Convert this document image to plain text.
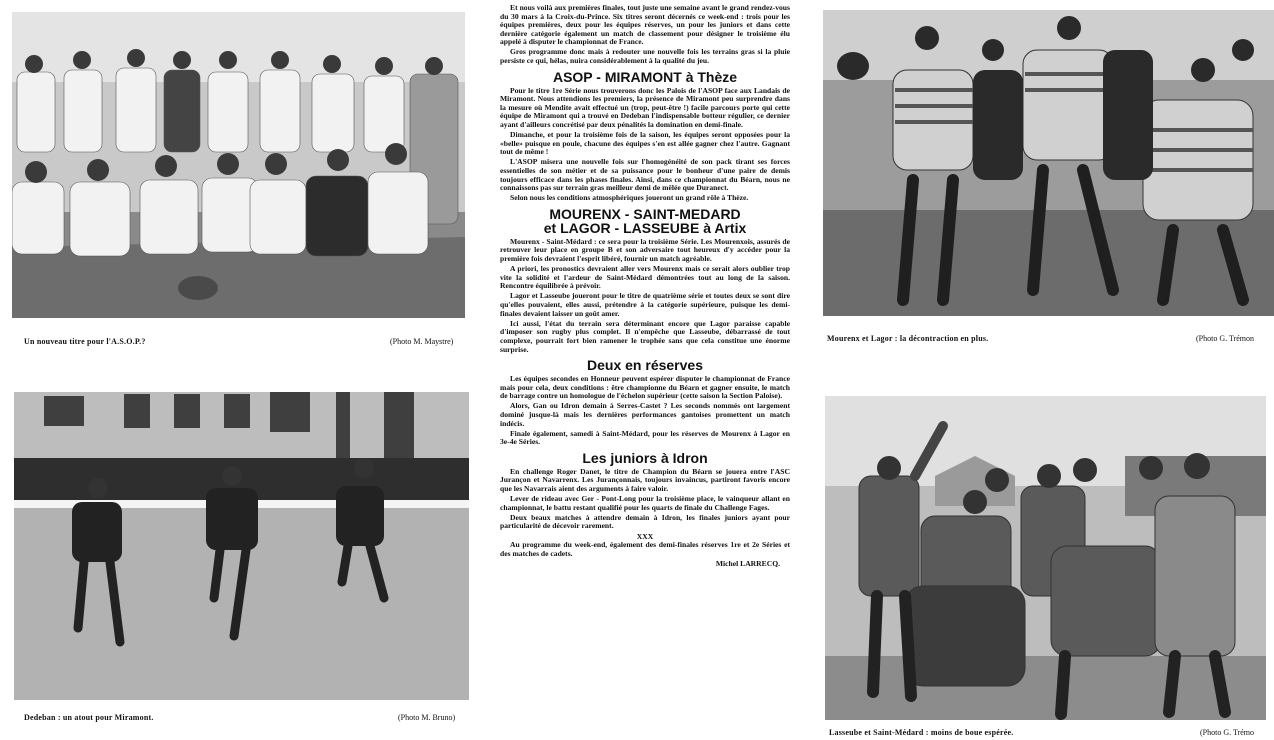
Un nouveau titre pour l'A.S.O.P.?	(Photo M. Maystre)
Dedeban : un atout pour Miramont.	(Photo M. Bruno)
Mourenx et Lagor : la décontraction en plus.	(Photo G. Trémon
Lasseube et Saint-Médard : moins de boue espérée.	(Photo G. Trémo

Et nous voilà aux premières finales, tout juste une semaine avant le grand rendez-vous du 30 mars à la Croix-du-Prince. Six titres seront décernés ce week-end : trois pour les équipes premières, deux pour les équipes réserves, un pour les juniors et dans cette dernière catégorie également un match de classement pour désigner le troisième élu appelé à disputer le championnat de France.

Gros programme donc mais à redouter une nouvelle fois les terrains gras si la pluie persiste ce qui, hélas, nuira considérablement à la qualité du jeu.

ASOP - MIRAMONT à Thèze

Pour le titre 1re Série nous trouverons donc les Palois de l'ASOP face aux Landais de Miramont. Nous attendions les premiers, la présence de Miramont peu surprendre dans la mesure où Mendite avait effectué un (trop, peut-être !) facile parcours porte qui cette équipe de Miramont qui a trouvé en Dedeban l'indispensable botteur régulier, ce dernier ayant d'ailleurs concrétisé par deux pénalités la domination en demi-finale.

Dimanche, et pour la troisième fois de la saison, les équipes seront opposées pour la «belle» puisque en poule, chacune des équipes s'en est allée gagner chez l'autre. Gagnant tout de même !

L'ASOP misera une nouvelle fois sur l'homogénéité de son pack tirant ses forces essentielles de son métier et de sa puissance pour le bonheur d'une paire de demis toujours efficace dans les phases finales. Ainsi, dans ce championnat du Béarn, nous ne connaissons pas sur terrain gras meilleur demi de mêlée que Duranect.

Selon nous les conditions atmosphériques joueront un grand rôle à Thèze.

MOURENX - SAINT-MEDARD
et LAGOR - LASSEUBE à Artix

Mourenx - Saint-Médard : ce sera pour la troisième Série. Les Mourenxois, assurés de retrouver leur place en groupe B et son adversaire tout heureux d'y accéder pour la première fois devraient l'esprit libéré, fournir un match agréable.

A priori, les pronostics devraient aller vers Mourenx mais ce serait alors oublier trop vite la solidité et l'ardeur de Saint-Médard démontrées tout au long de la saison. Rencontre équilibrée à prévoir.

Lagor et Lasseube joueront pour le titre de quatrième série et toutes deux se sont dire qu'elles pouvaient, elles aussi, prétendre à la catégorie supérieure, puisque les demi-finales devaient laisser un goût amer.

Ici aussi, l'état du terrain sera déterminant encore que Lagor paraisse capable d'imposer son rugby plus complet. Il n'empêche que Lasseube, débarrassé de tout complexe, pourrait fort bien ramener le trophée sans que cela constitue une énorme surprise.

Deux en réserves

Les équipes secondes en Honneur peuvent espérer disputer le championnat de France mais pour cela, deux conditions : être championne du Béarn et gagner ensuite, le match de barrage contre un homologue de l'échelon supérieur (cette saison la Section Paloise).

Alors, Gan ou Idron demain à Serres-Castet ? Les seconds nommés ont largement dominé jusque-là mais les dernières performances gantoises promettent un match indécis.

Finale également, samedi à Saint-Médard, pour les réserves de Mourenx à Lagor en 3e-4e Séries.

Les juniors à Idron

En challenge Roger Danet, le titre de Champion du Béarn se jouera entre l'ASC Jurançon et Navarrenx. Les Jurançonnais, toujours invaincus, partiront favoris encore que les Navarrais aient des arguments à faire valoir.

Lever de rideau avec Ger - Pont-Long pour la troisième place, le vainqueur allant en championnat, le battu restant qualifié pour les quarts de finale du Challenge Fages.

Deux beaux matches à attendre demain à Idron, les finales juniors ayant pour particularité de décevoir rarement.

XXX

Au programme du week-end, également des demi-finales réserves 1re et 2e Séries et des matches de cadets.

Michel LARRECQ.
